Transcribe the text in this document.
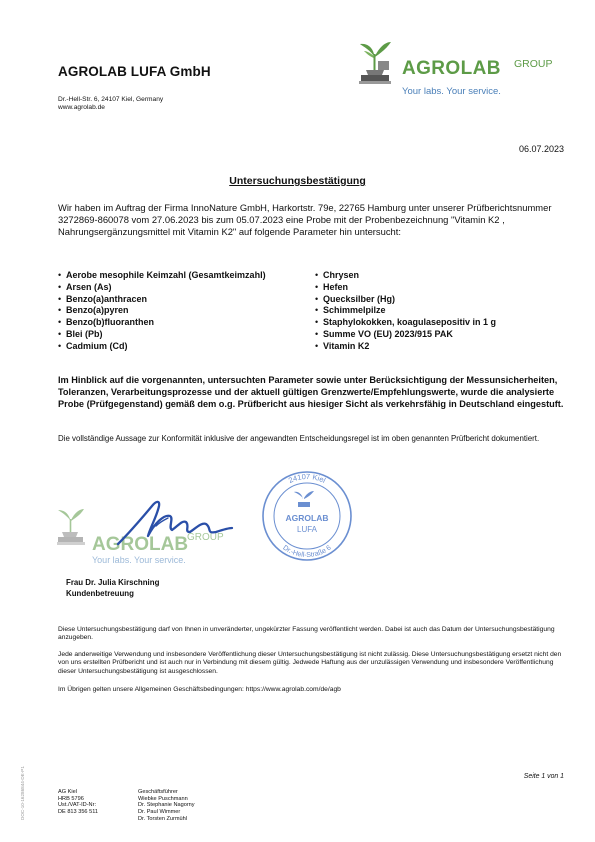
AGROLAB LUFA GmbH
Dr.-Hell-Str. 6, 24107 Kiel, Germany
www.agrolab.de
AGROLAB GROUP
Your labs. Your service.
06.07.2023
Untersuchungsbestätigung
Wir haben im Auftrag der Firma InnoNature GmbH, Harkortstr. 79e, 22765 Hamburg unter unserer Prüfberichtsnummer 3272869-860078 vom 27.06.2023 bis zum 05.07.2023 eine Probe mit der Probenbezeichnung "Vitamin K2 , Nahrungsergänzungsmittel mit Vitamin K2" auf folgende Parameter hin untersucht:
• Aerobe mesophile Keimzahl (Gesamtkeimzahl)
• Arsen (As)
• Benzo(a)anthracen
• Benzo(a)pyren
• Benzo(b)fluoranthen
• Blei (Pb)
• Cadmium (Cd)
• Chrysen
• Hefen
• Quecksilber (Hg)
• Schimmelpilze
• Staphylokokken, koagulasepositiv in 1 g
• Summe VO (EU) 2023/915 PAK
• Vitamin K2
Im Hinblick auf die vorgenannten, untersuchten Parameter sowie unter Berücksichtigung der Messunsicherheiten, Toleranzen, Verarbeitungsprozesse und der aktuell gültigen Grenzwerte/Empfehlungswerte, wurde die analysierte Probe (Prüfgegenstand) gemäß dem o.g. Prüfbericht aus hiesiger Sicht als verkehrsfähig in Deutschland eingestuft.
Die vollständige Aussage zur Konformität inklusive der angewandten Entscheidungsregel ist im oben genannten Prüfbericht dokumentiert.
AGROLAB
GROUP
Your labs. Your service.
24107 Kiel
Dr.-Hell-Straße 6
AGROLAB
LUFA
Frau Dr. Julia Kirschning
Kundenbetreuung
Diese Untersuchungsbestätigung darf von Ihnen in unveränderter, ungekürzter Fassung veröffentlicht werden. Dabei ist auch das Datum der Untersuchungsbestätigung anzugeben.
Jede anderweitige Verwendung und insbesondere Veröffentlichung dieser Untersuchungsbestätigung ist nicht zulässig. Diese Untersuchungsbestätigung ersetzt nicht den von uns erstellten Prüfbericht und ist auch nur in Verbindung mit diesem gültig. Jedwede Haftung aus der unzulässigen Verwendung und insbesondere Veröffentlichung dieser Untersuchungsbestätigung ist ausgeschlossen.
Im Übrigen gelten unsere Allgemeinen Geschäftsbedingungen: https://www.agrolab.com/de/agb
DOC-10-16286844-DE-P1	Seite 1 von 1
AG Kiel
HRB 5796
Ust./VAT-ID-Nr:
DE 813 356 511
Geschäftsführer
Wiebke Puschmann
Dr. Stephanie Nagorny
Dr. Paul Wimmer
Dr. Torsten Zurmühl
